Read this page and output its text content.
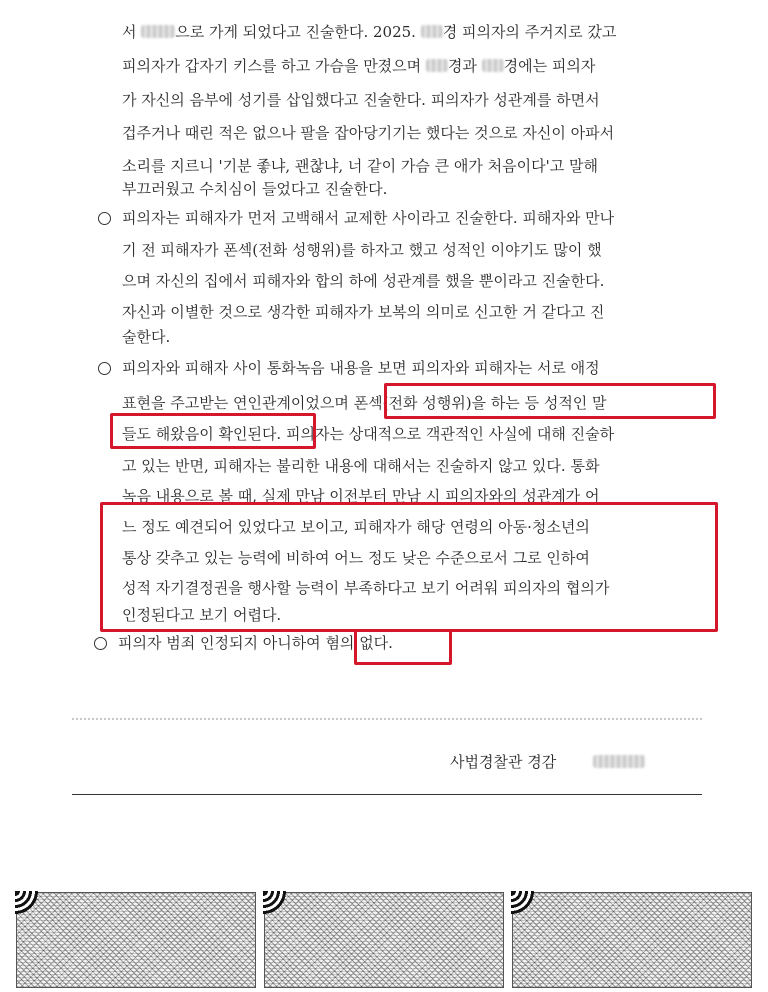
서 으로 가게 되었다고 진술한다. 2025. 경 피의자의 주거지로 갔고
피의자가 갑자기 키스를 하고 가슴을 만졌으며 경과 경에는 피의자
가 자신의 음부에 성기를 삽입했다고 진술한다. 피의자가 성관계를 하면서
겁주거나 때린 적은 없으나 팔을 잡아당기기는 했다는 것으로 자신이 아파서
소리를 지르니 '기분 좋냐, 괜찮냐, 너 같이 가슴 큰 애가 처음이다'고 말해
부끄러웠고 수치심이 들었다고 진술한다.
피의자는 피해자가 먼저 고백해서 교제한 사이라고 진술한다. 피해자와 만나
기 전 피해자가 폰섹(전화 성행위)를 하자고 했고 성적인 이야기도 많이 했
으며 자신의 집에서 피해자와 합의 하에 성관계를 했을 뿐이라고 진술한다.
자신과 이별한 것으로 생각한 피해자가 보복의 의미로 신고한 거 같다고 진
술한다.
피의자와 피해자 사이 통화녹음 내용을 보면 피의자와 피해자는 서로 애정
표현을 주고받는 연인관계이었으며 폰섹(전화 성행위)을 하는 등 성적인 말
들도 해왔음이 확인된다. 피의자는 상대적으로 객관적인 사실에 대해 진술하
고 있는 반면, 피해자는 불리한 내용에 대해서는 진술하지 않고 있다. 통화
녹음 내용으로 볼 때, 실제 만남 이전부터 만남 시 피의자와의 성관계가 어
느 정도 예견되어 있었다고 보이고, 피해자가 해당 연령의 아동·청소년의
통상 갖추고 있는 능력에 비하여 어느 정도 낮은 수준으로서 그로 인하여
성적 자기결정권을 행사할 능력이 부족하다고 보기 어려워 피의자의 협의가
인정된다고 보기 어렵다.
피의자 범죄 인정되지 아니하여 혐의 없다.
사법경찰관 경감
